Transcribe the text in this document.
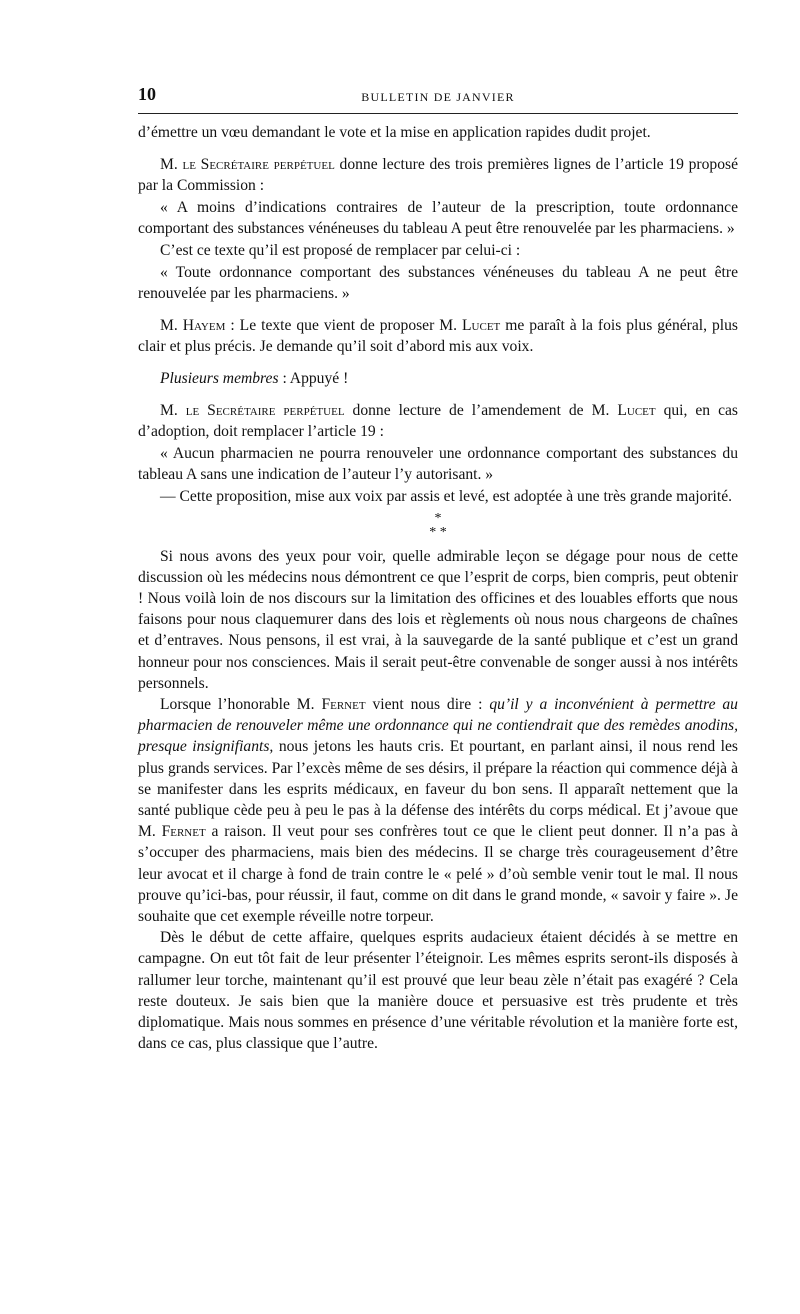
10	BULLETIN DE JANVIER

d’émettre un vœu demandant le vote et la mise en application rapides dudit projet.

M. le Secrétaire perpétuel donne lecture des trois premières lignes de l’article 19 proposé par la Commission :

« A moins d’indications contraires de l’auteur de la prescription, toute ordonnance comportant des substances vénéneuses du tableau A peut être renouvelée par les pharmaciens. »

C’est ce texte qu’il est proposé de remplacer par celui-ci :

« Toute ordonnance comportant des substances vénéneuses du tableau A ne peut être renouvelée par les pharmaciens. »

M. Hayem : Le texte que vient de proposer M. Lucet me paraît à la fois plus général, plus clair et plus précis. Je demande qu’il soit d’abord mis aux voix.

Plusieurs membres : Appuyé !

M. le Secrétaire perpétuel donne lecture de l’amendement de M. Lucet qui, en cas d’adoption, doit remplacer l’article 19 :

« Aucun pharmacien ne pourra renouveler une ordonnance comportant des substances du tableau A sans une indication de l’auteur l’y autorisant. »

— Cette proposition, mise aux voix par assis et levé, est adoptée à une très grande majorité.

*
* *

Si nous avons des yeux pour voir, quelle admirable leçon se dégage pour nous de cette discussion où les médecins nous démontrent ce que l’esprit de corps, bien compris, peut obtenir ! Nous voilà loin de nos discours sur la limitation des officines et des louables efforts que nous faisons pour nous claquemurer dans des lois et règlements où nous nous chargeons de chaînes et d’entraves. Nous pensons, il est vrai, à la sauvegarde de la santé publique et c’est un grand honneur pour nos consciences. Mais il serait peut-être convenable de songer aussi à nos intérêts personnels.

Lorsque l’honorable M. Fernet vient nous dire : qu’il y a inconvénient à permettre au pharmacien de renouveler même une ordonnance qui ne contiendrait que des remèdes anodins, presque insignifiants, nous jetons les hauts cris. Et pourtant, en parlant ainsi, il nous rend les plus grands services. Par l’excès même de ses désirs, il prépare la réaction qui commence déjà à se manifester dans les esprits médicaux, en faveur du bon sens. Il apparaît nettement que la santé publique cède peu à peu le pas à la défense des intérêts du corps médical. Et j’avoue que M. Fernet a raison. Il veut pour ses confrères tout ce que le client peut donner. Il n’a pas à s’occuper des pharmaciens, mais bien des médecins. Il se charge très courageusement d’être leur avocat et il charge à fond de train contre le « pelé » d’où semble venir tout le mal. Il nous prouve qu’ici-bas, pour réussir, il faut, comme on dit dans le grand monde, « savoir y faire ». Je souhaite que cet exemple réveille notre torpeur.

Dès le début de cette affaire, quelques esprits audacieux étaient décidés à se mettre en campagne. On eut tôt fait de leur présenter l’éteignoir. Les mêmes esprits seront-ils disposés à rallumer leur torche, maintenant qu’il est prouvé que leur beau zèle n’était pas exagéré ? Cela reste douteux. Je sais bien que la manière douce et persuasive est très prudente et très diplomatique. Mais nous sommes en présence d’une véritable révolution et la manière forte est, dans ce cas, plus classique que l’autre.
